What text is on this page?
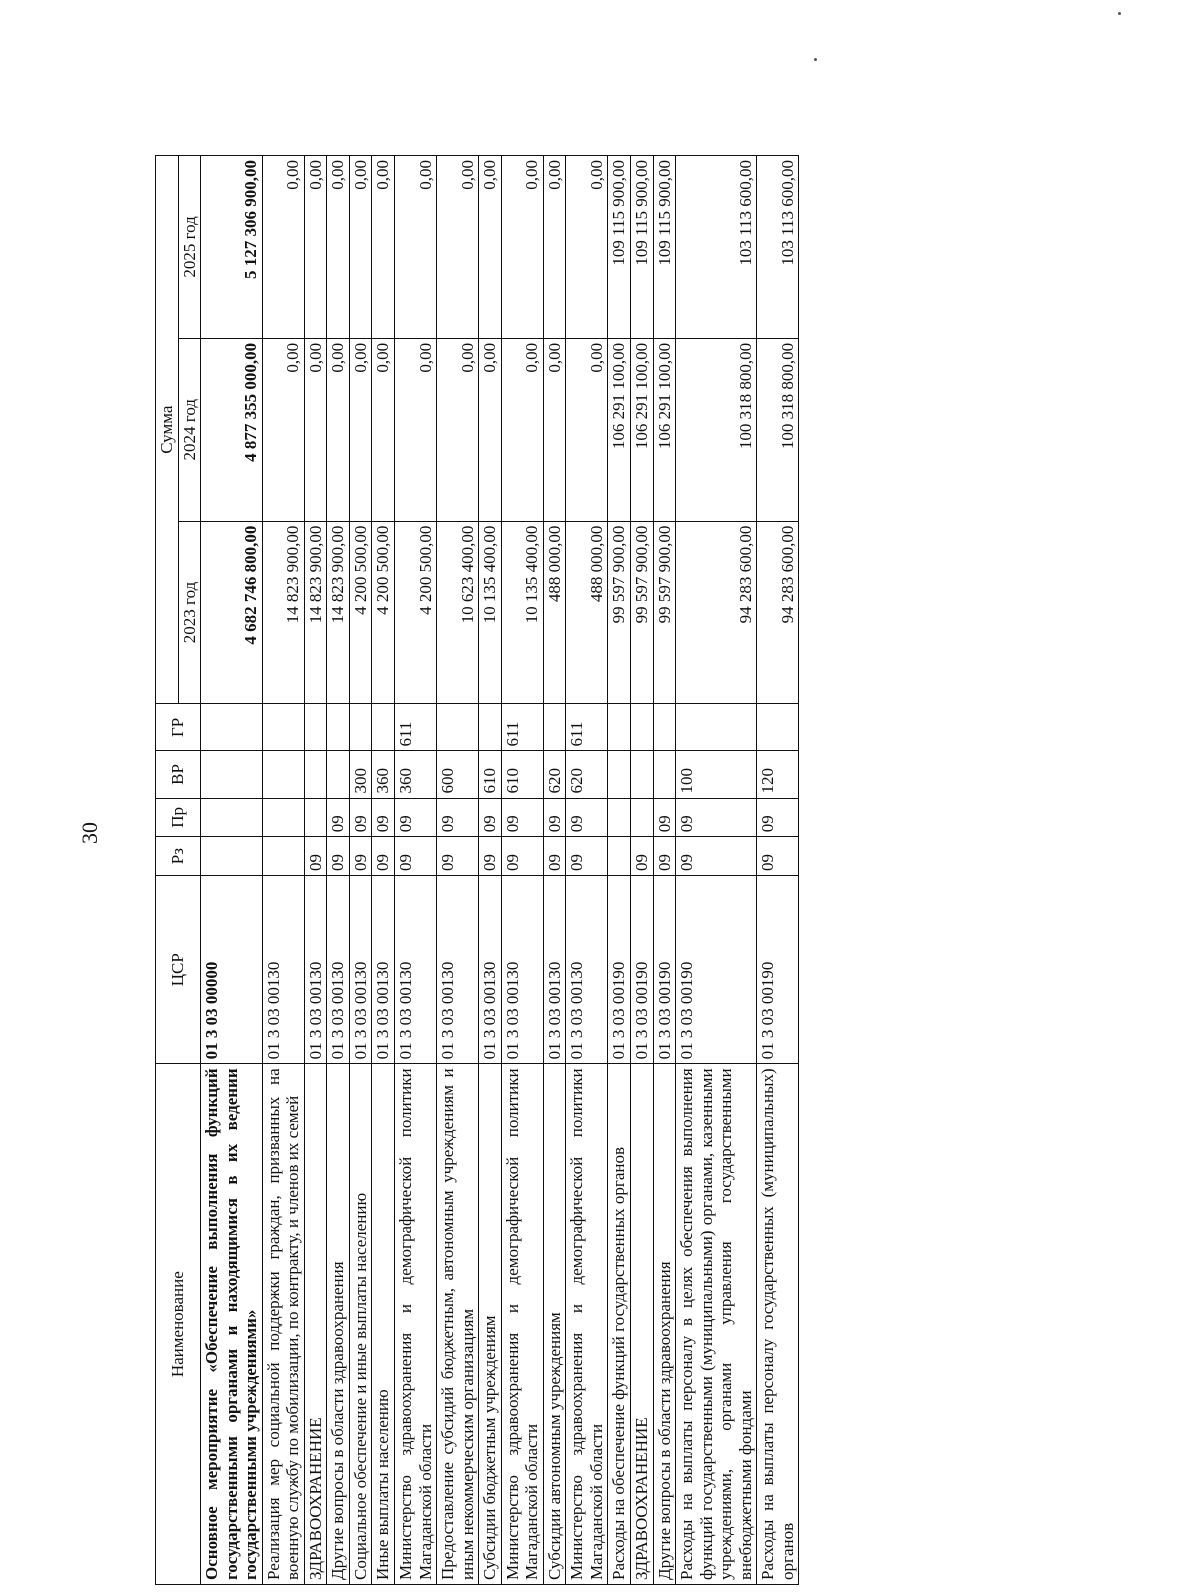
30
Наименование	ЦСР	Рз	Пр	ВР	ГР	Сумма		
						2023 год	2024 год	2025 год
Основное мероприятие «Обеспечение выполнения функций государственными органами и находящимися в их ведении государственными учреждениями»	01 3 03 00000					4 682 746 800,00	4 877 355 000,00	5 127 306 900,00
Реализация мер социальной поддержки граждан, призванных на военную службу по мобилизации, по контракту, и членов их семей	01 3 03 00130					14 823 900,00	0,00	0,00
ЗДРАВООХРАНЕНИЕ	01 3 03 00130	09				14 823 900,00	0,00	0,00
Другие вопросы в области здравоохранения	01 3 03 00130	09	09			14 823 900,00	0,00	0,00
Социальное обеспечение и иные выплаты населению	01 3 03 00130	09	09	300		4 200 500,00	0,00	0,00
Иные выплаты населению	01 3 03 00130	09	09	360		4 200 500,00	0,00	0,00
Министерство здравоохранения и демографической политики Магаданской области	01 3 03 00130	09	09	360	611	4 200 500,00	0,00	0,00
Предоставление субсидий бюджетным, автономным учреждениям и иным некоммерческим организациям	01 3 03 00130	09	09	600		10 623 400,00	0,00	0,00
Субсидии бюджетным учреждениям	01 3 03 00130	09	09	610		10 135 400,00	0,00	0,00
Министерство здравоохранения и демографической политики Магаданской области	01 3 03 00130	09	09	610	611	10 135 400,00	0,00	0,00
Субсидии автономным учреждениям	01 3 03 00130	09	09	620		488 000,00	0,00	0,00
Министерство здравоохранения и демографической политики Магаданской области	01 3 03 00130	09	09	620	611	488 000,00	0,00	0,00
Расходы на обеспечение функций государственных органов	01 3 03 00190					99 597 900,00	106 291 100,00	109 115 900,00
ЗДРАВООХРАНЕНИЕ	01 3 03 00190	09				99 597 900,00	106 291 100,00	109 115 900,00
Другие вопросы в области здравоохранения	01 3 03 00190	09	09			99 597 900,00	106 291 100,00	109 115 900,00
Расходы на выплаты персоналу в целях обеспечения выполнения функций государственными (муниципальными) органами, казенными учреждениями, органами управления государственными внебюджетными фондами	01 3 03 00190	09	09	100		94 283 600,00	100 318 800,00	103 113 600,00
Расходы на выплаты персоналу государственных (муниципальных) органов	01 3 03 00190	09	09	120		94 283 600,00	100 318 800,00	103 113 600,00
